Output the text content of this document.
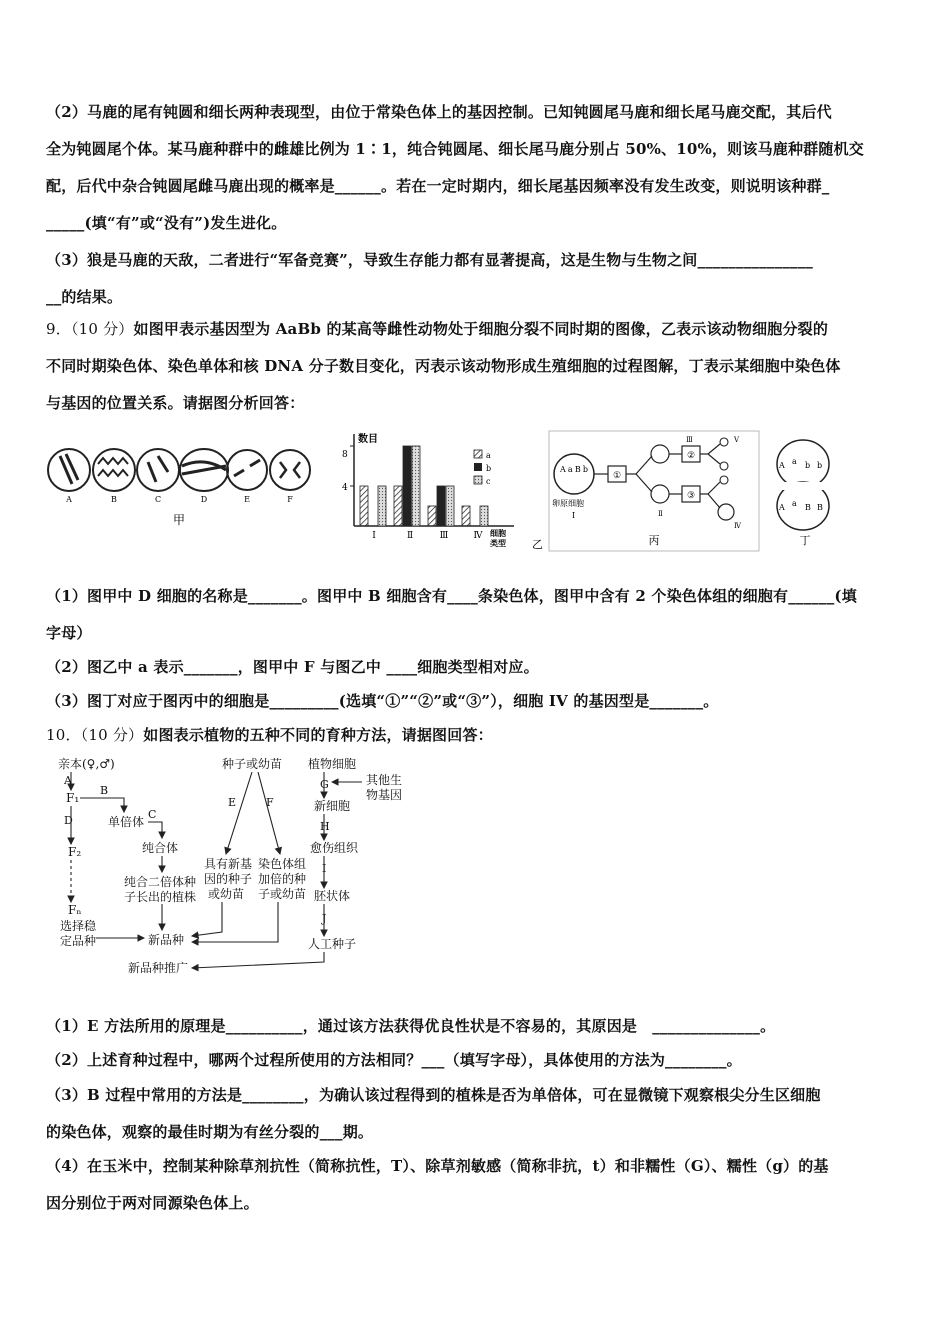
（2）马鹿的尾有钝圆和细长两种表现型，由位于常染色体上的基因控制。已知钝圆尾马鹿和细长尾马鹿交配，其后代
全为钝圆尾个体。某马鹿种群中的雌雄比例为 1∶1，纯合钝圆尾、细长尾马鹿分别占 50%、10%，则该马鹿种群随机交
配，后代中杂合钝圆尾雌马鹿出现的概率是______。若在一定时期内，细长尾基因频率没有发生改变，则说明该种群_
_____(填“有”或“没有”)发生进化。
（3）狼是马鹿的天敌，二者进行“军备竞赛”，导致生存能力都有显著提高，这是生物与生物之间_______________
__的结果。
9．（10 分）如图甲表示基因型为 AaBb 的某高等雌性动物处于细胞分裂不同时期的图像，乙表示该动物细胞分裂的
不同时期染色体、染色单体和核 DNA 分子数目变化，丙表示该动物形成生殖细胞的过程图解，丁表示某细胞中染色体
与基因的位置关系。请据图分析回答：
A	B	C	D	E	F
甲
数目
4
8	a
b
c
Ⅰ	Ⅱ	Ⅲ	Ⅳ 细胞
类型 乙
A a B b
卵原细胞
Ⅰ
①
Ⅲ
Ⅱ
②
③
Ⅴ
Ⅳ
丙
A a b b
A a B B
丁
（1）图甲中 D 细胞的名称是_______。图甲中 B 细胞含有____条染色体，图甲中含有 2 个染色体组的细胞有______(填
字母）
（2）图乙中 a 表示_______，图甲中 F 与图乙中 ____细胞类型相对应。
（3）图丁对应于图丙中的细胞是_________(选填“①”“②”或“③”），细胞 IV 的基因型是_______。
10．（10 分）如图表示植物的五种不同的育种方法，请据图回答：
亲本(♀,♂)
A
F₁
B
单倍体
C
纯合体
D
F₂
Fₙ
选择稳
定品种
纯合二倍体种
子长出的植株
新品种
新品种推广
种子或幼苗
E	F
具有新基
因的种子
或幼苗
染色体组
加倍的种
子或幼苗
植物细胞
G	其他生
物基因
新细胞
H
愈伤组织
I
胚状体
J
人工种子
（1）E 方法所用的原理是__________，通过该方法获得优良性状是不容易的，其原因是　______________。
（2）上述育种过程中，哪两个过程所使用的方法相同？___（填写字母），具体使用的方法为________。
（3）B 过程中常用的方法是________，为确认该过程得到的植株是否为单倍体，可在显微镜下观察根尖分生区细胞
的染色体，观察的最佳时期为有丝分裂的___期。
（4）在玉米中，控制某种除草剂抗性（简称抗性，T）、除草剂敏感（简称非抗，t）和非糯性（G）、糯性（g）的基
因分别位于两对同源染色体上。
